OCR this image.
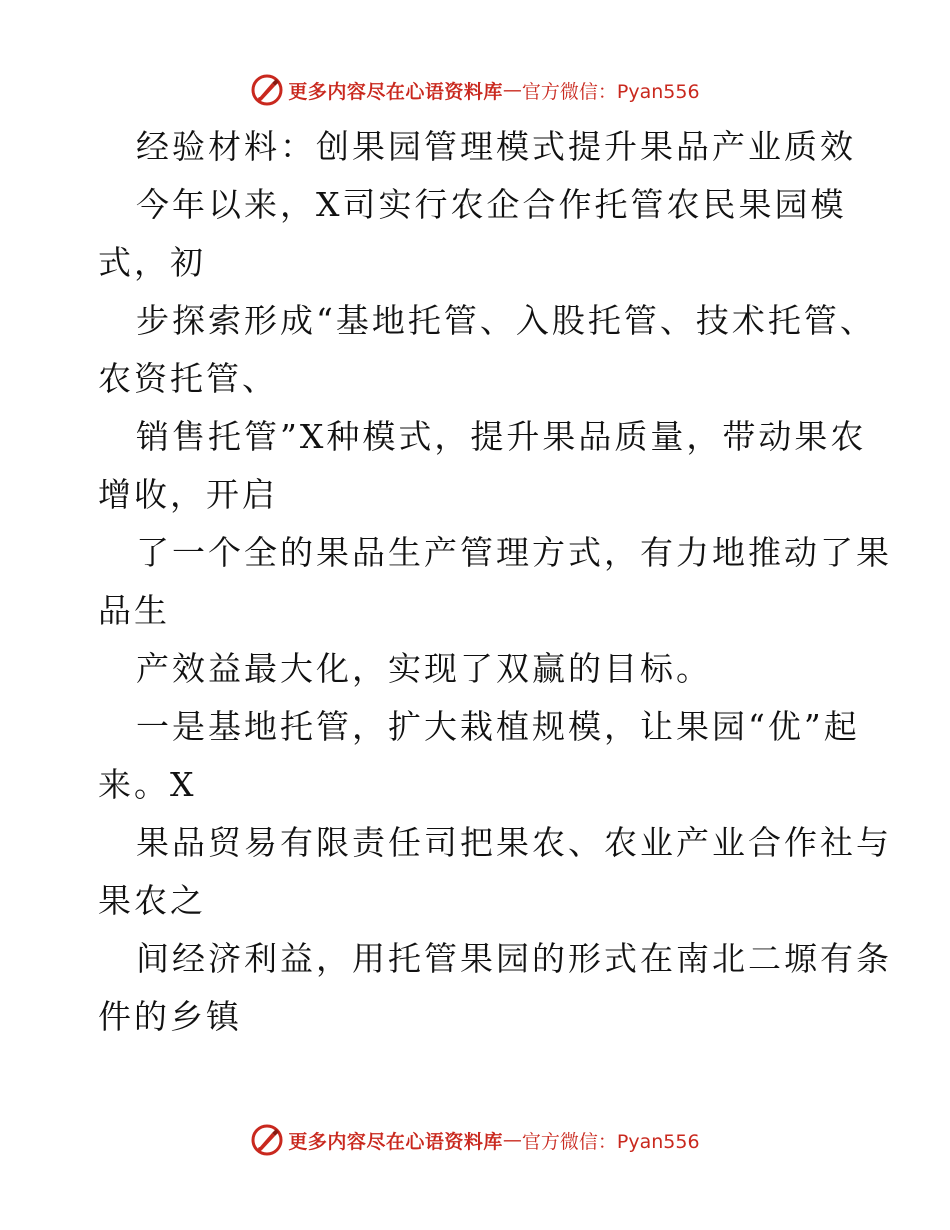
更多内容尽在心语资料库 — 官方微信：Pyan556
经验材料：创果园管理模式提升果品产业质效
今年以来，X司实行农企合作托管农民果园模
式，初
步探索形成“基地托管、入股托管、技术托管、
农资托管、
销售托管”X种模式，提升果品质量，带动果农
增收，开启
了一个全的果品生产管理方式，有力地推动了果
品生
产效益最大化，实现了双赢的目标。
一是基地托管，扩大栽植规模，让果园“优”起
来。X
果品贸易有限责任司把果农、农业产业合作社与
果农之
间经济利益，用托管果园的形式在南北二塬有条
件的乡镇
更多内容尽在心语资料库 — 官方微信：Pyan556
